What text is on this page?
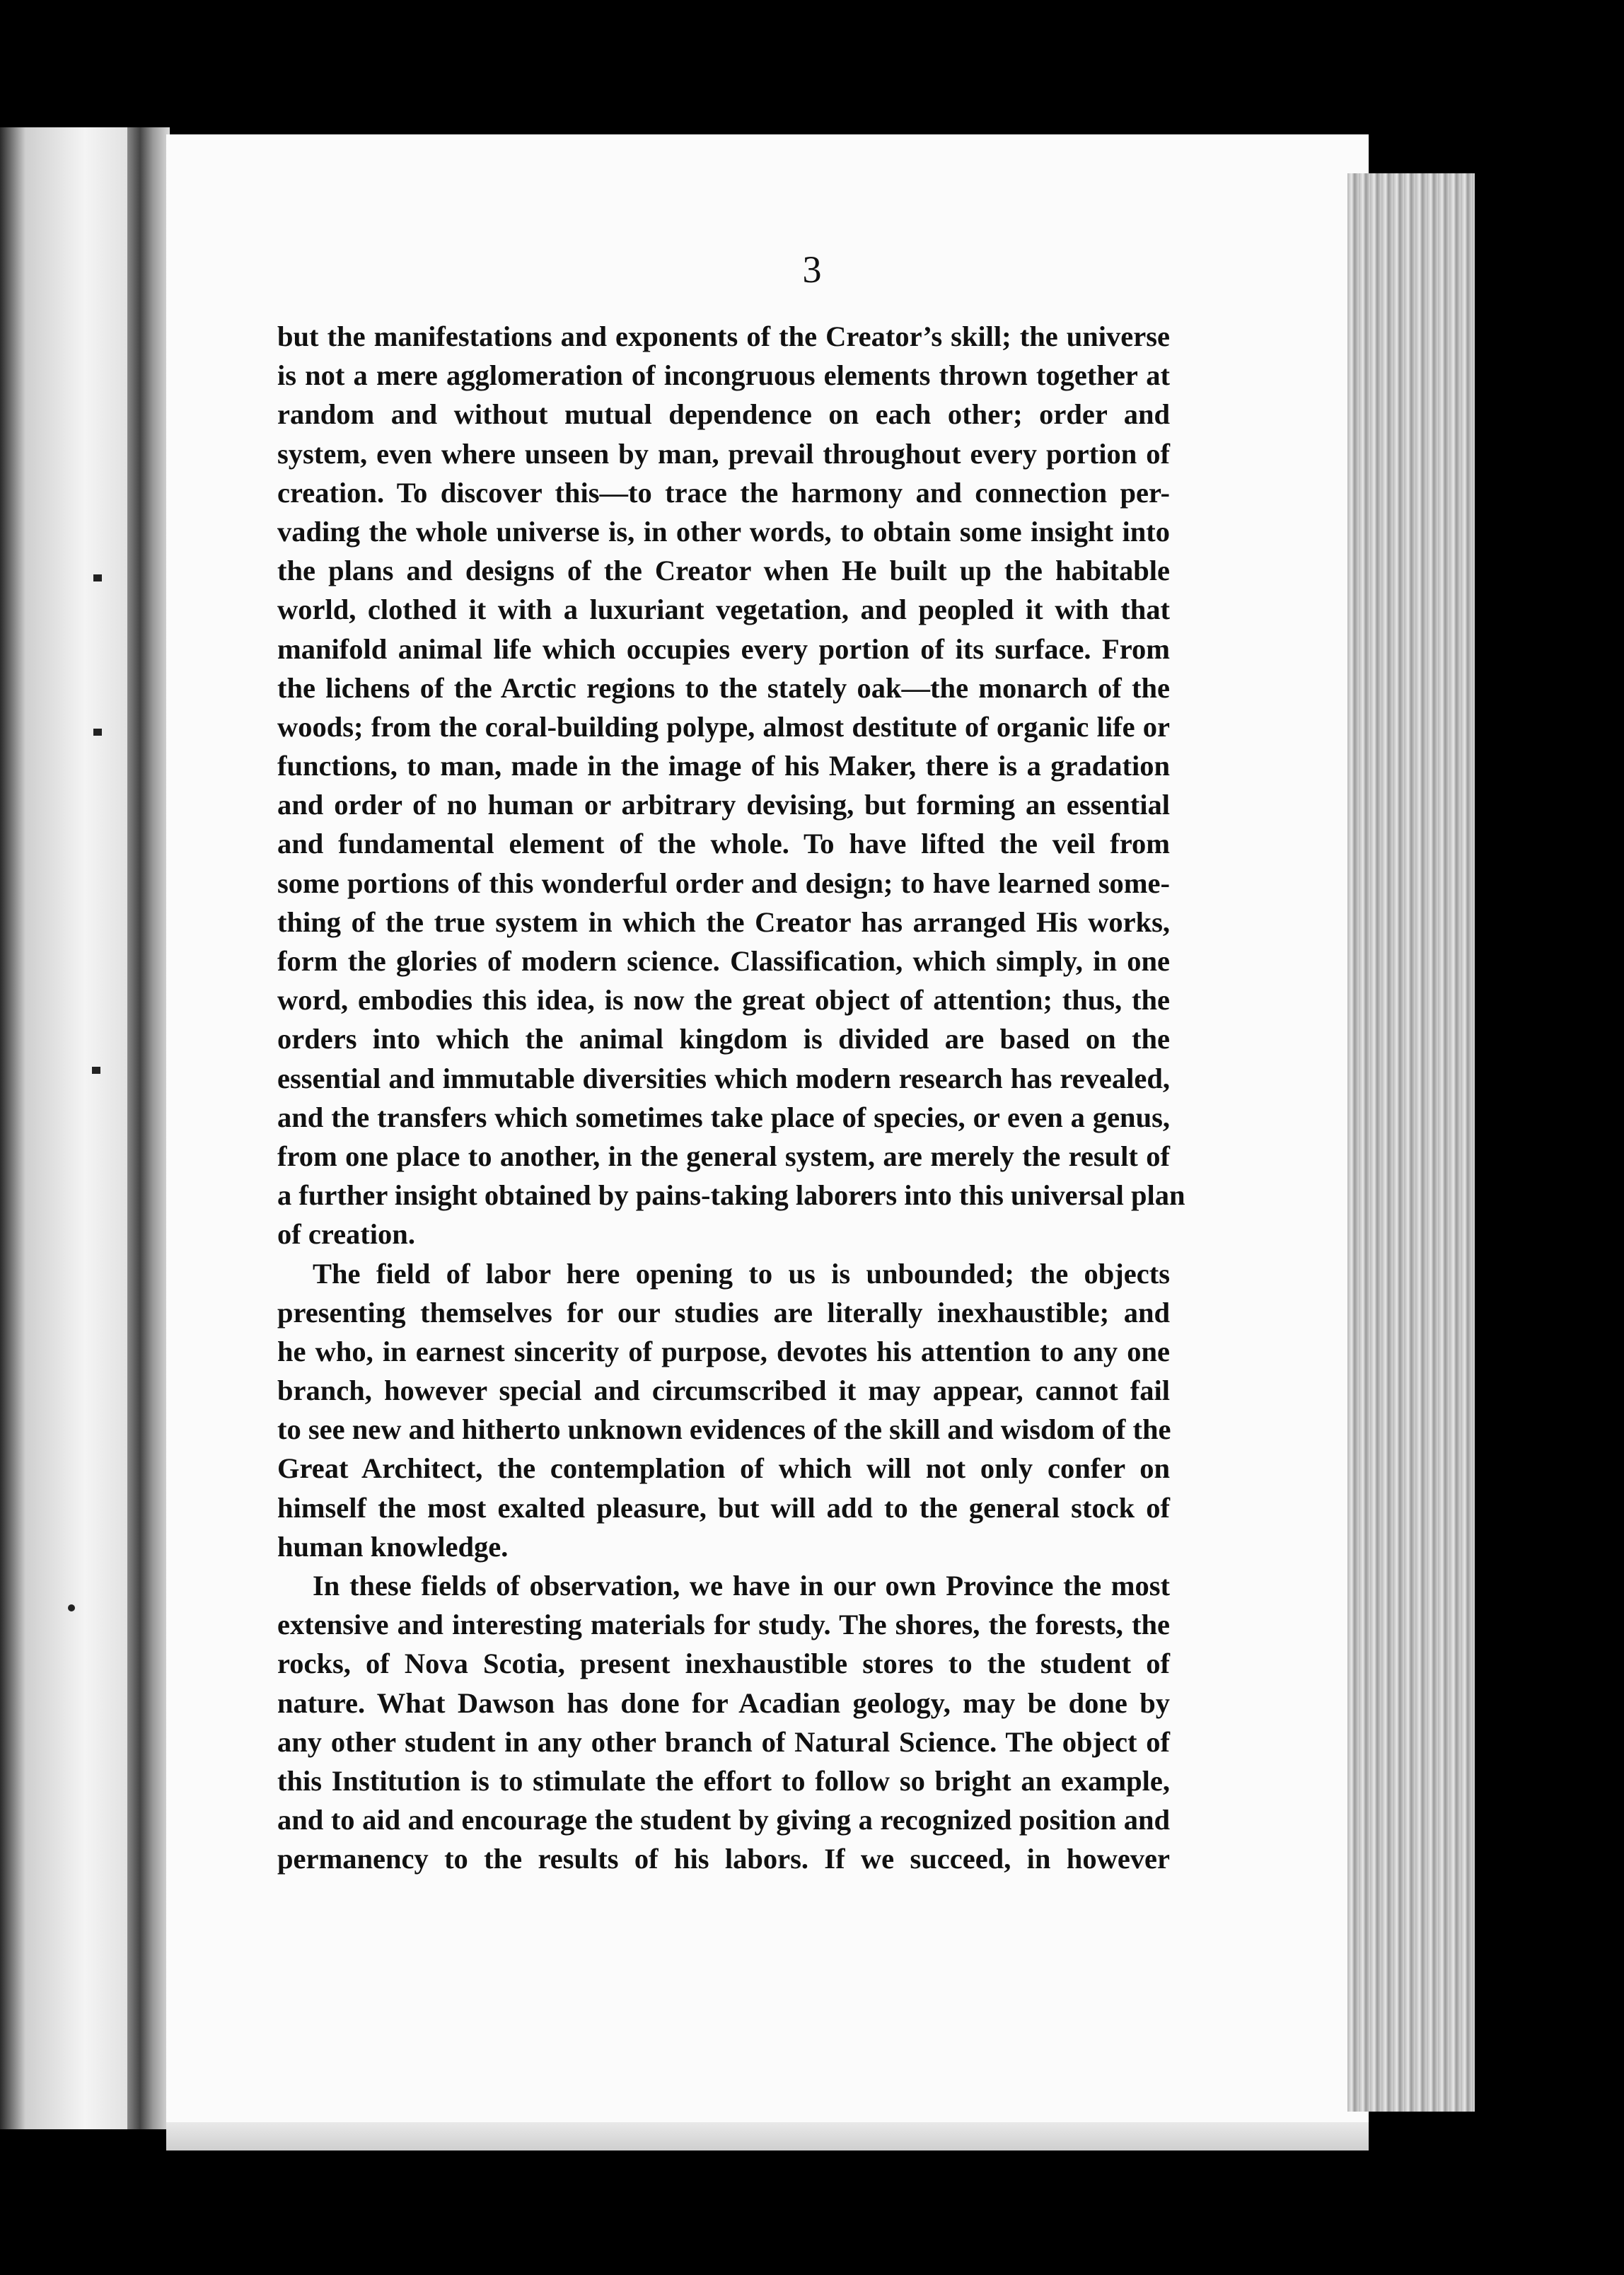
3
but the manifestations and exponents of the Creator’s skill; the universe
is not a mere agglomeration of incongruous elements thrown together at
random and without mutual dependence on each other; order and
system, even where unseen by man, prevail throughout every portion of
creation. To discover this—to trace the harmony and connection per-
vading the whole universe is, in other words, to obtain some insight into
the plans and designs of the Creator when He built up the habitable
world, clothed it with a luxuriant vegetation, and peopled it with that
manifold animal life which occupies every portion of its surface. From
the lichens of the Arctic regions to the stately oak—the monarch of the
woods; from the coral-building polype, almost destitute of organic life or
functions, to man, made in the image of his Maker, there is a gradation
and order of no human or arbitrary devising, but forming an essential
and fundamental element of the whole. To have lifted the veil from
some portions of this wonderful order and design; to have learned some-
thing of the true system in which the Creator has arranged His works,
form the glories of modern science. Classification, which simply, in one
word, embodies this idea, is now the great object of attention; thus, the
orders into which the animal kingdom is divided are based on the
essential and immutable diversities which modern research has revealed,
and the transfers which sometimes take place of species, or even a genus,
from one place to another, in the general system, are merely the result of
a further insight obtained by pains-taking laborers into this universal plan
of creation.
The field of labor here opening to us is unbounded; the objects
presenting themselves for our studies are literally inexhaustible; and
he who, in earnest sincerity of purpose, devotes his attention to any one
branch, however special and circumscribed it may appear, cannot fail
to see new and hitherto unknown evidences of the skill and wisdom of the
Great Architect, the contemplation of which will not only confer on
himself the most exalted pleasure, but will add to the general stock of
human knowledge.
In these fields of observation, we have in our own Province the most
extensive and interesting materials for study. The shores, the forests, the
rocks, of Nova Scotia, present inexhaustible stores to the student of
nature. What Dawson has done for Acadian geology, may be done by
any other student in any other branch of Natural Science. The object of
this Institution is to stimulate the effort to follow so bright an example,
and to aid and encourage the student by giving a recognized position and
permanency to the results of his labors. If we succeed, in however
